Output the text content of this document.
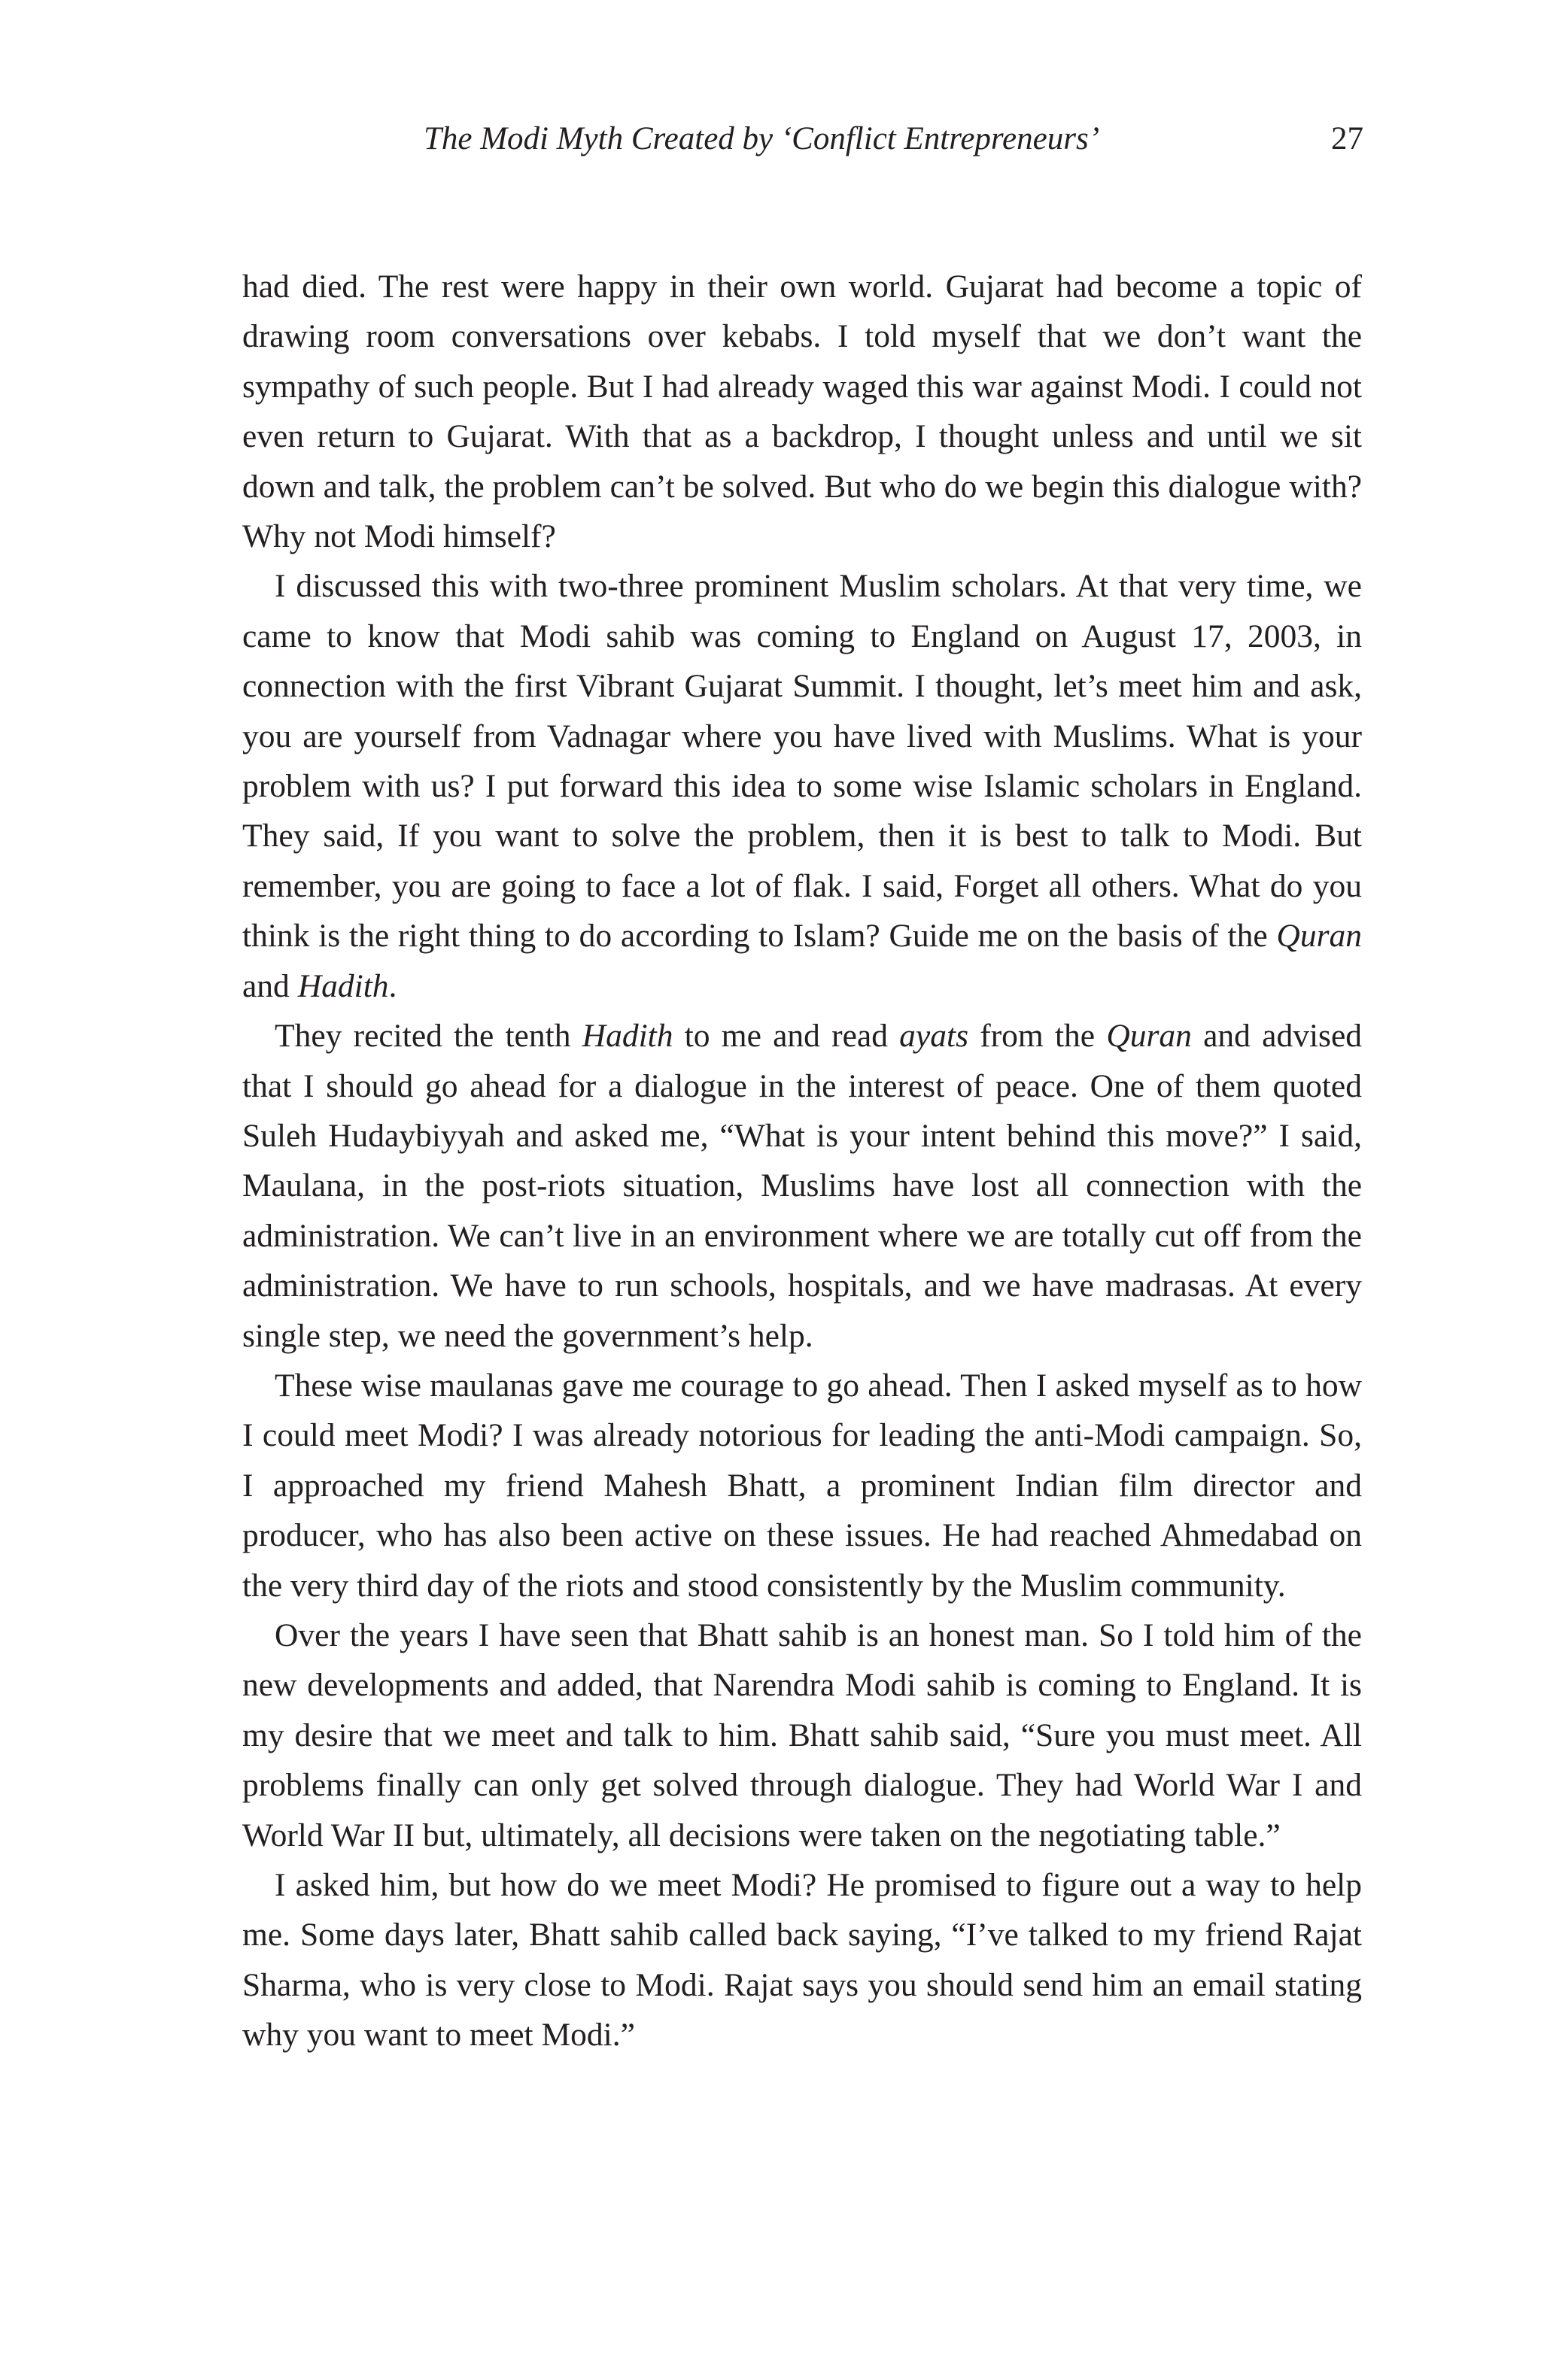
The Modi Myth Created by ‘Conflict Entrepreneurs’	27

had died. The rest were happy in their own world. Gujarat had become a topic of drawing room conversations over kebabs. I told myself that we don’t want the sympathy of such people. But I had already waged this war against Modi. I could not even return to Gujarat. With that as a backdrop, I thought unless and until we sit down and talk, the problem can’t be solved. But who do we begin this dialogue with? Why not Modi himself?

I discussed this with two-three prominent Muslim scholars. At that very time, we came to know that Modi sahib was coming to England on August 17, 2003, in connection with the first Vibrant Gujarat Summit. I thought, let’s meet him and ask, you are yourself from Vadnagar where you have lived with Muslims. What is your problem with us? I put forward this idea to some wise Islamic scholars in England. They said, If you want to solve the problem, then it is best to talk to Modi. But remember, you are going to face a lot of flak. I said, Forget all others. What do you think is the right thing to do according to Islam? Guide me on the basis of the Quran and Hadith.

They recited the tenth Hadith to me and read ayats from the Quran and advised that I should go ahead for a dialogue in the interest of peace. One of them quoted Suleh Hudaybiyyah and asked me, “What is your intent behind this move?” I said, Maulana, in the post-riots situation, Muslims have lost all connection with the administration. We can’t live in an environment where we are totally cut off from the administration. We have to run schools, hospitals, and we have madrasas. At every single step, we need the government’s help.

These wise maulanas gave me courage to go ahead. Then I asked myself as to how I could meet Modi? I was already notorious for leading the anti-Modi campaign. So, I approached my friend Mahesh Bhatt, a prominent Indian film director and producer, who has also been active on these issues. He had reached Ahmedabad on the very third day of the riots and stood consistently by the Muslim community.

Over the years I have seen that Bhatt sahib is an honest man. So I told him of the new developments and added, that Narendra Modi sahib is coming to England. It is my desire that we meet and talk to him. Bhatt sahib said, “Sure you must meet. All problems finally can only get solved through dialogue. They had World War I and World War II but, ultimately, all decisions were taken on the negotiating table.”

I asked him, but how do we meet Modi? He promised to figure out a way to help me. Some days later, Bhatt sahib called back saying, “I’ve talked to my friend Rajat Sharma, who is very close to Modi. Rajat says you should send him an email stating why you want to meet Modi.”
